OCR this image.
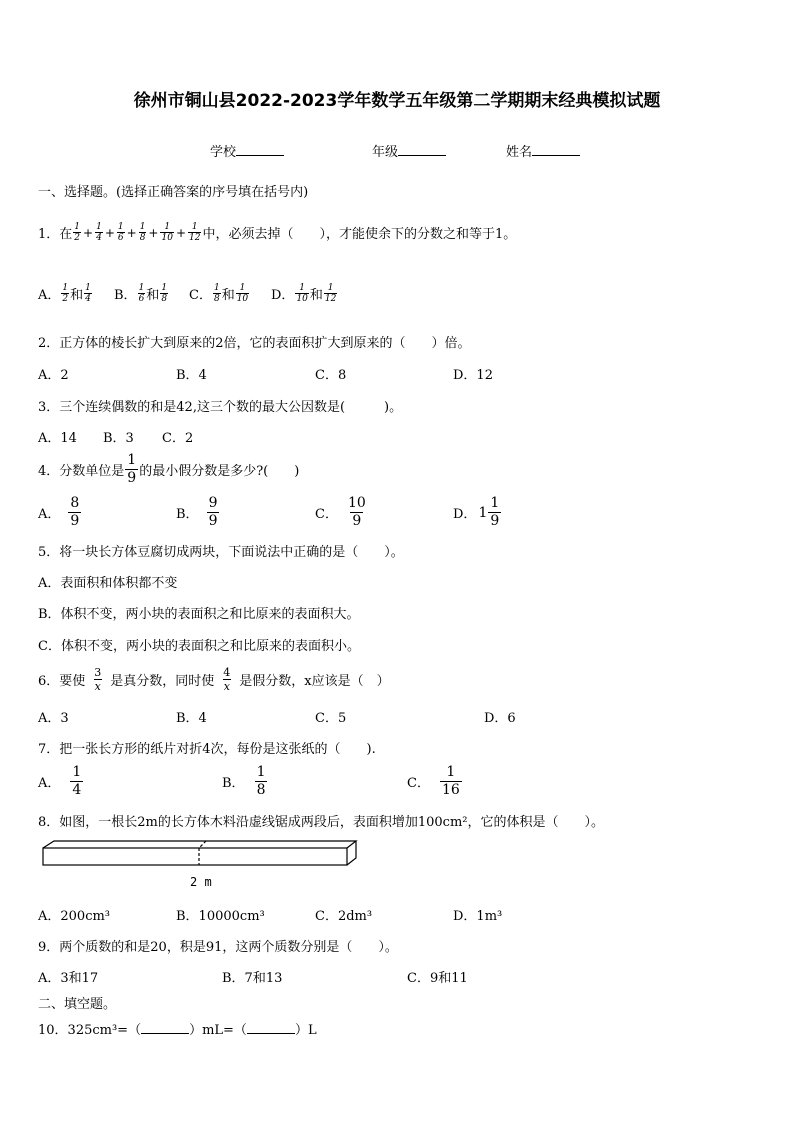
徐州市铜山县2022-2023学年数学五年级第二学期期末经典模拟试题
学校	年级	姓名
一、选择题。(选择正确答案的序号填在括号内)
1． 在 $\frac{1}{2} + \frac{1}{4} + \frac{1}{6} + \frac{1}{8} + \frac{1}{10} + \frac{1}{12}$ 中，必须去掉（　　），才能使余下的分数之和等于1。
A． $\frac{1}{2}$ 和 $\frac{1}{4}$ B． $\frac{1}{6}$ 和 $\frac{1}{8}$ C． $\frac{1}{8}$ 和 $\frac{1}{10}$ D． $\frac{1}{10}$ 和 $\frac{1}{12}$
2．正方体的棱长扩大到原来的2倍，它的表面积扩大到原来的（　　）倍。
A．2	B．4	C．8	D．12
3．三个连续偶数的和是42,这三个数的最大公因数是(　　　)。
A．14 B．3 C．2
4．分数单位是 $\frac{1}{9}$ 的最小假分数是多少?(　　)
A． $\frac{8}{9}$	B． $\frac{9}{9}$	C． $\frac{10}{9}$	D． $1 \frac{1}{9}$
5．将一块长方体豆腐切成两块，下面说法中正确的是（　　）。
A．表面积和体积都不变
B．体积不变，两小块的表面积之和比原来的表面积大。
C．体积不变，两小块的表面积之和比原来的表面积小。
6．要使 $\frac{3}{x}$ 是真分数，同时使 $\frac{4}{x}$ 是假分数，x应该是（　）
A．3	B．4	C．5	D．6
7．把一张长方形的纸片对折4次，每份是这张纸的（　　).
A． $\frac{1}{4}$	B． $\frac{1}{8}$	C． $\frac{1}{16}$
8．如图，一根长2m的长方体木料沿虚线锯成两段后，表面积增加100cm²，它的体积是（　　）。
2 m
A．200cm³	B．10000cm³	C．2dm³	D．1m³
9．两个质数的和是20，积是91，这两个质数分别是（　　）。
A．3和17	B．7和13	C．9和11
二、填空题。
10．325cm³=（	）mL=（	）L
